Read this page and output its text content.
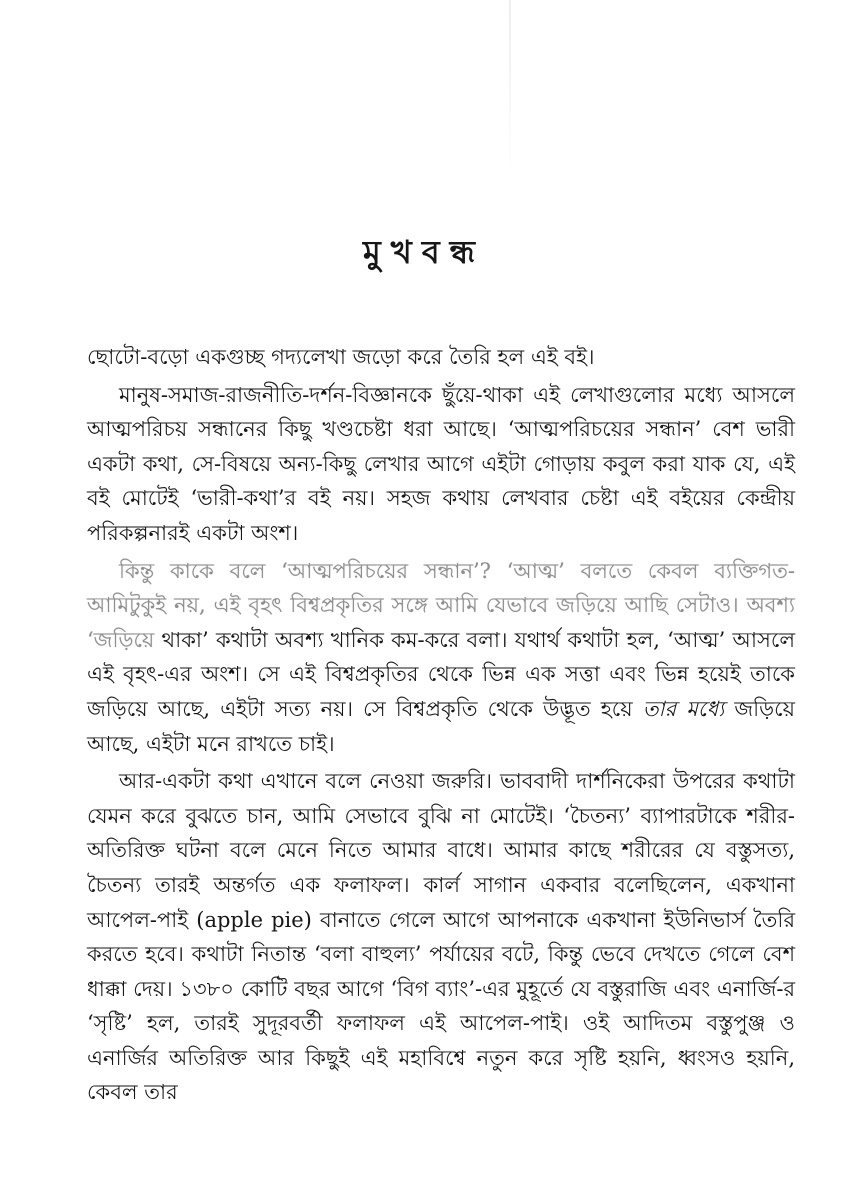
মুখবন্ধ

ছোটো-বড়ো একগুচ্ছ গদ্যলেখা জড়ো করে তৈরি হল এই বই।

মানুষ-সমাজ-রাজনীতি-দর্শন-বিজ্ঞানকে ছুঁয়ে-থাকা এই লেখাগুলোর মধ্যে আসলে আত্মপরিচয় সন্ধানের কিছু খণ্ডচেষ্টা ধরা আছে। ‘আত্মপরিচয়ের সন্ধান’ বেশ ভারী একটা কথা, সে-বিষয়ে অন্য-কিছু লেখার আগে এইটা গোড়ায় কবুল করা যাক যে, এই বই মোটেই ‘ভারী-কথা’র বই নয়। সহজ কথায় লেখবার চেষ্টা এই বইয়ের কেন্দ্রীয় পরিকল্পনারই একটা অংশ।

কিন্তু কাকে বলে ‘আত্মপরিচয়ের সন্ধান’? ‘আত্ম’ বলতে কেবল ব্যক্তিগত-আমিটুকুই নয়, এই বৃহৎ বিশ্বপ্রকৃতির সঙ্গে আমি যেভাবে জড়িয়ে আছি সেটাও। অবশ্য ‘জড়িয়ে থাকা’ কথাটা অবশ্য খানিক কম-করে বলা। যথার্থ কথাটা হল, ‘আত্ম’ আসলে এই বৃহৎ-এর অংশ। সে এই বিশ্বপ্রকৃতির থেকে ভিন্ন এক সত্তা এবং ভিন্ন হয়েই তাকে জড়িয়ে আছে, এইটা সত্য নয়। সে বিশ্বপ্রকৃতি থেকে উদ্ভূত হয়ে তার মধ্যে জড়িয়ে আছে, এইটা মনে রাখতে চাই।

আর-একটা কথা এখানে বলে নেওয়া জরুরি। ভাববাদী দার্শনিকেরা উপরের কথাটা যেমন করে বুঝতে চান, আমি সেভাবে বুঝি না মোটেই। ‘চৈতন্য’ ব্যাপারটাকে শরীর-অতিরিক্ত ঘটনা বলে মেনে নিতে আমার বাধে। আমার কাছে শরীরের যে বস্তুসত্য, চৈতন্য তারই অন্তর্গত এক ফলাফল। কার্ল সাগান একবার বলেছিলেন, একখানা আপেল-পাই (apple pie) বানাতে গেলে আগে আপনাকে একখানা ইউনিভার্স তৈরি করতে হবে। কথাটা নিতান্ত ‘বলা বাহুল্য’ পর্যায়ের বটে, কিন্তু ভেবে দেখতে গেলে বেশ ধাক্কা দেয়। ১৩৮০ কোটি বছর আগে ‘বিগ ব্যাং’-এর মুহূর্তে যে বস্তুরাজি এবং এনার্জি-র ‘সৃষ্টি’ হল, তারই সুদূরবর্তী ফলাফল এই আপেল-পাই। ওই আদিতম বস্তুপুঞ্জ ও এনার্জির অতিরিক্ত আর কিছুই এই মহাবিশ্বে নতুন করে সৃষ্টি হয়নি, ধ্বংসও হয়নি, কেবল তার
